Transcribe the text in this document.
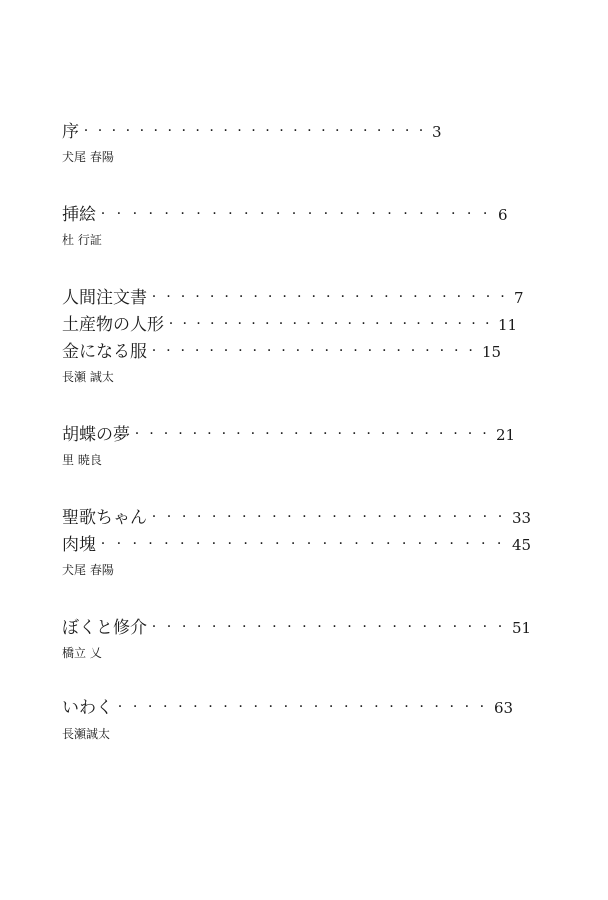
序 ・・・・・・・・・・・・・・・・・・・・・・・・・ 3
犬尾 春陽
挿絵 ・・・・・・・・・・・・・・・・・・・・・・・・・ 6
杜 行証
人間注文書 ・・・・・・・・・・・・・・・・・・・・・・・・・ 7
土産物の人形 ・・・・・・・・・・・・・・・・・・・・・・・・ 11
金になる服 ・・・・・・・・・・・・・・・・・・・・・・・ 15
長瀬 誠太
胡蝶の夢 ・・・・・・・・・・・・・・・・・・・・・・・・・ 21
里 暁良
聖歌ちゃん ・・・・・・・・・・・・・・・・・・・・・・・・ 33
肉塊 ・・・・・・・・・・・・・・・・・・・・・・・・・・ 45
犬尾 春陽
ぼくと修介 ・・・・・・・・・・・・・・・・・・・・・・・・ 51
橋立 乂
いわく ・・・・・・・・・・・・・・・・・・・・・・・・・ 63
長瀬誠太
